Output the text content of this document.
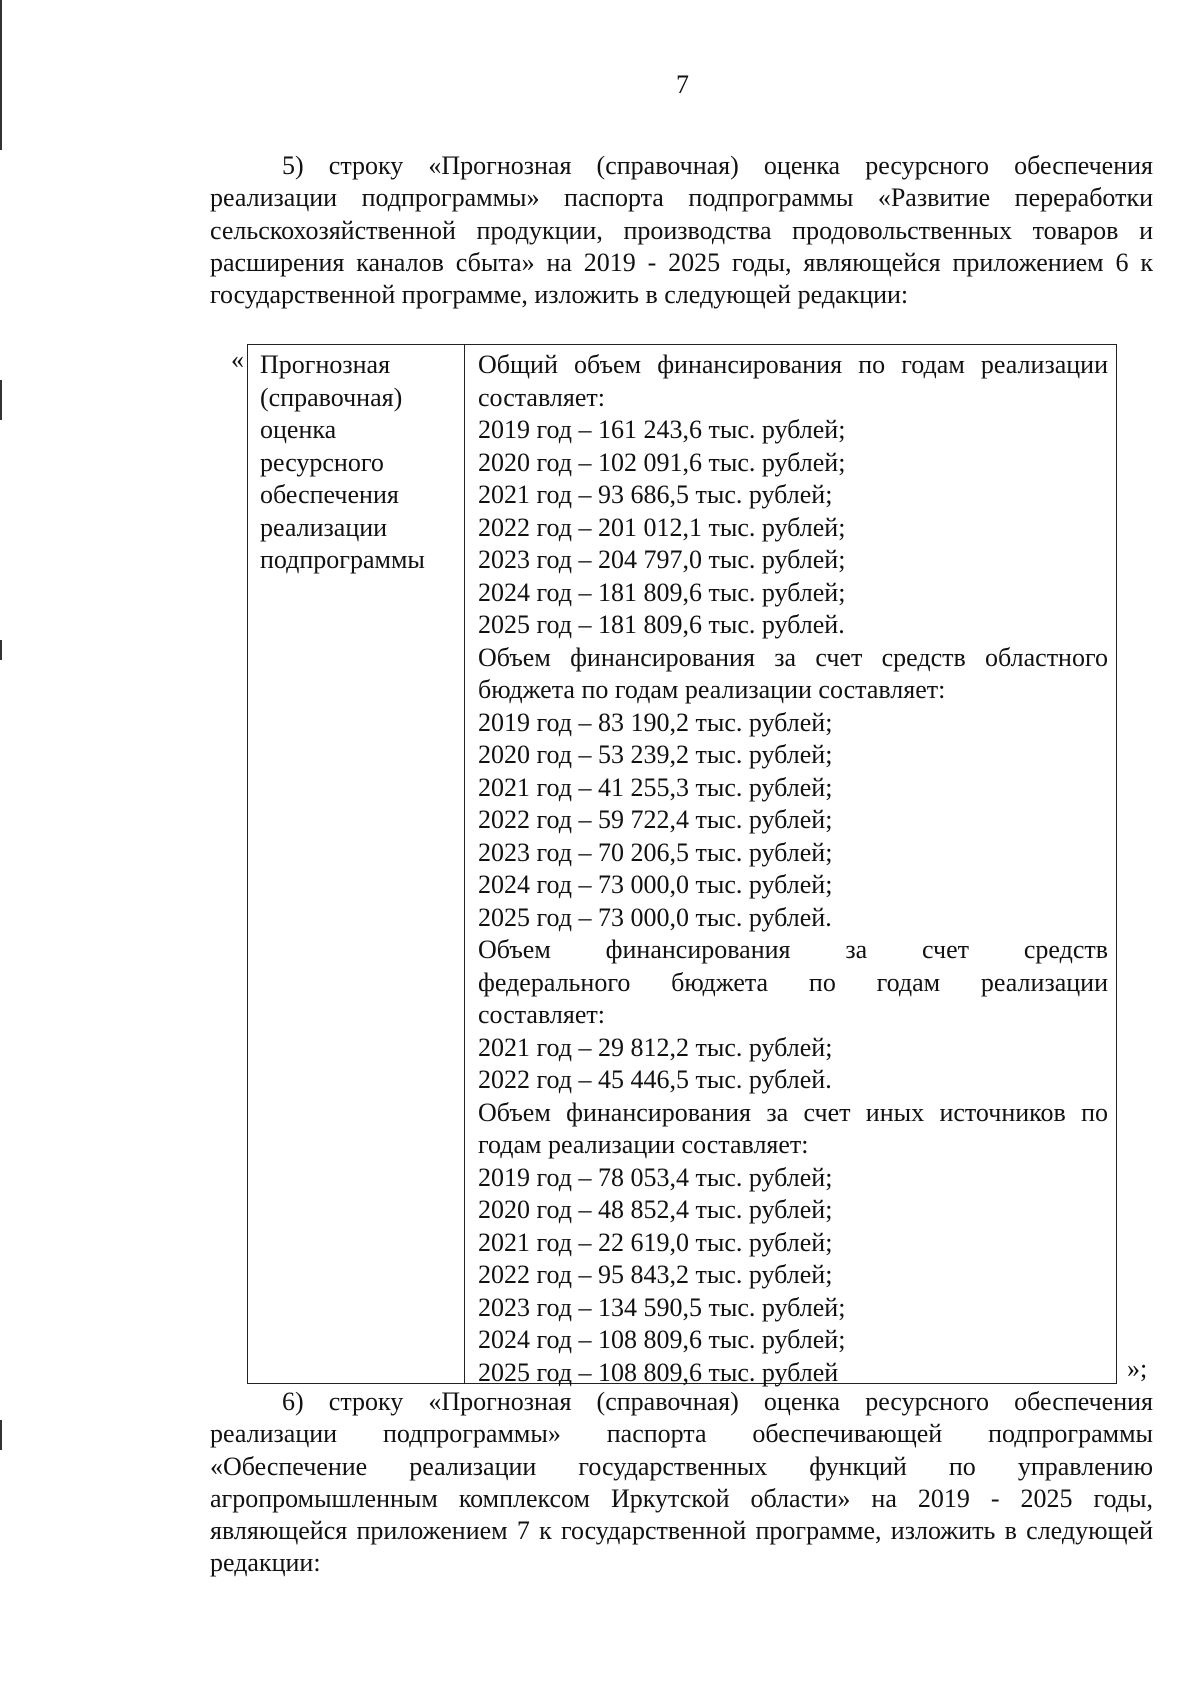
7

5) строку «Прогнозная (справочная) оценка ресурсного обеспечения реализации подпрограммы» паспорта подпрограммы «Развитие переработки сельскохозяйственной продукции, производства продовольственных товаров и расширения каналов сбыта» на 2019 - 2025 годы, являющейся приложением 6 к государственной программе, изложить в следующей редакции:

« Прогнозная
(справочная)
оценка
ресурсного
обеспечения
реализации
подпрограммы
Общий объем финансирования по годам реализации
составляет:
2019 год – 161 243,6 тыс. рублей;
2020 год – 102 091,6 тыс. рублей;
2021 год – 93 686,5 тыс. рублей;
2022 год – 201 012,1 тыс. рублей;
2023 год – 204 797,0 тыс. рублей;
2024 год – 181 809,6 тыс. рублей;
2025 год – 181 809,6 тыс. рублей.
Объем финансирования за счет средств областного
бюджета по годам реализации составляет:
2019 год – 83 190,2 тыс. рублей;
2020 год – 53 239,2 тыс. рублей;
2021 год – 41 255,3 тыс. рублей;
2022 год – 59 722,4 тыс. рублей;
2023 год – 70 206,5 тыс. рублей;
2024 год – 73 000,0 тыс. рублей;
2025 год – 73 000,0 тыс. рублей.
Объем финансирования за счет средств
федерального бюджета по годам реализации
составляет:
2021 год – 29 812,2 тыс. рублей;
2022 год – 45 446,5 тыс. рублей.
Объем финансирования за счет иных источников по
годам реализации составляет:
2019 год – 78 053,4 тыс. рублей;
2020 год – 48 852,4 тыс. рублей;
2021 год – 22 619,0 тыс. рублей;
2022 год – 95 843,2 тыс. рублей;
2023 год – 134 590,5 тыс. рублей;
2024 год – 108 809,6 тыс. рублей;
2025 год – 108 809,6 тыс. рублей	»;

6) строку «Прогнозная (справочная) оценка ресурсного обеспечения реализации подпрограммы» паспорта обеспечивающей подпрограммы «Обеспечение реализации государственных функций по управлению агропромышленным комплексом Иркутской области» на 2019 - 2025 годы, являющейся приложением 7 к государственной программе, изложить в следующей редакции:
